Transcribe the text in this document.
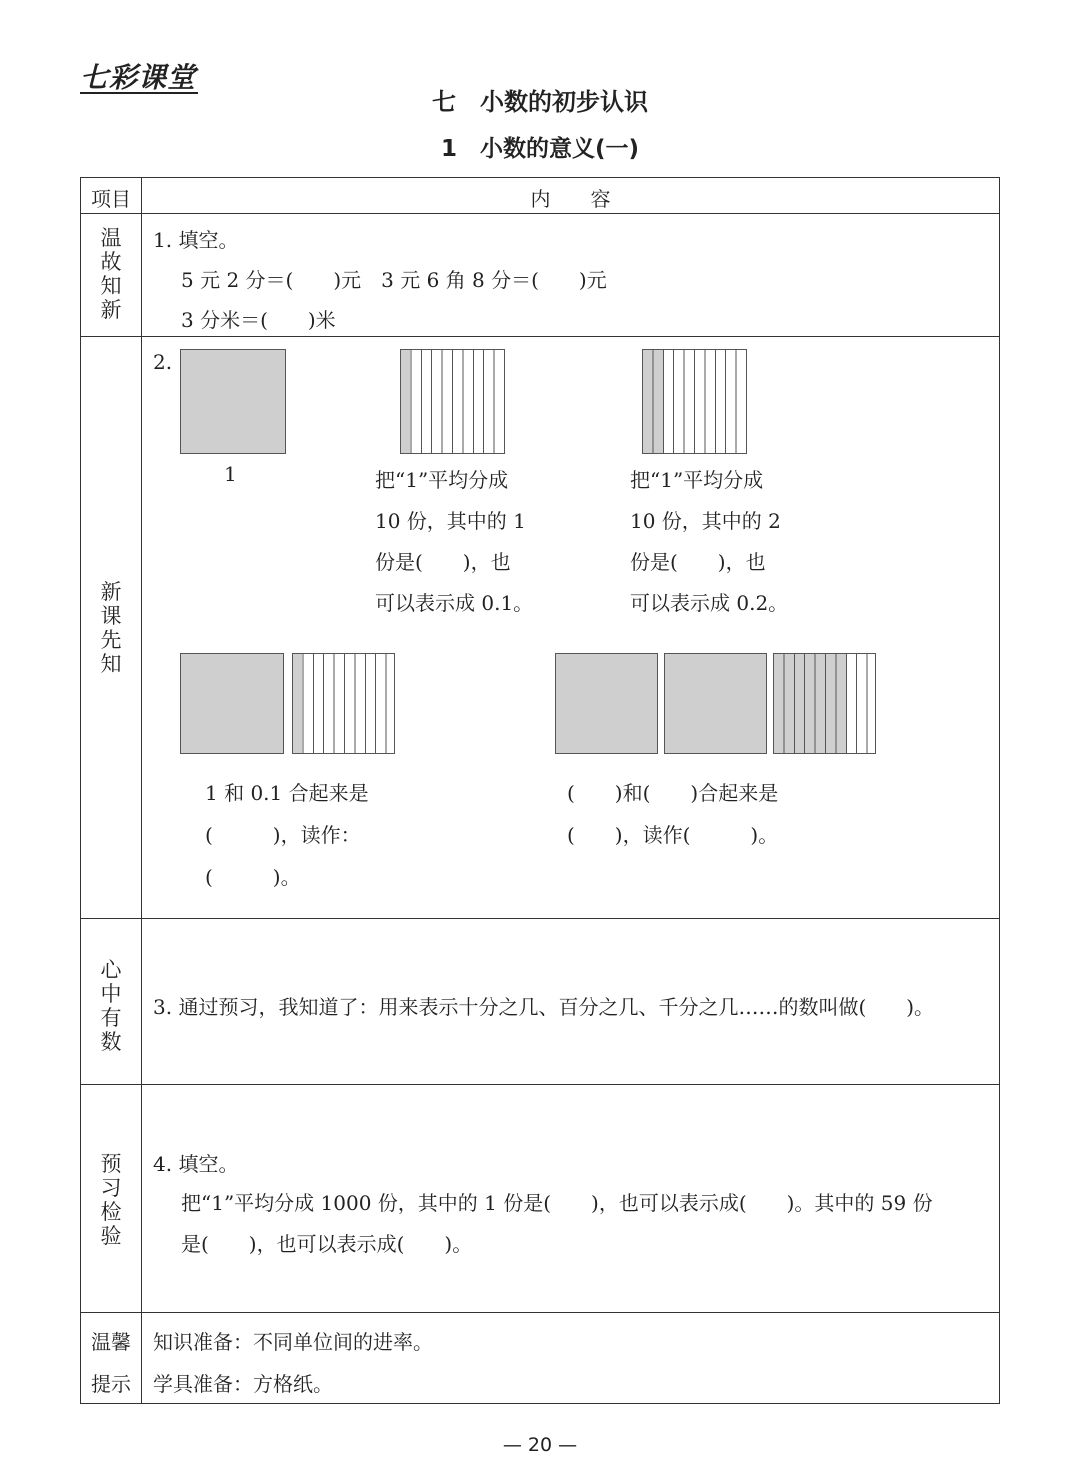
七彩课堂
七　小数的初步认识
1　小数的意义(一)
项目	内　　容
温故知新
1. 填空。
5 元 2 分＝(　　)元　3 元 6 角 8 分＝(　　)元
3 分米＝(　　)米
新课先知
2.
1	把“1”平均分成
10 份，其中的 1
份是(　　)，也
可以表示成 0.1。
把“1”平均分成
10 份，其中的 2
份是(　　)，也
可以表示成 0.2。
1 和 0.1 合起来是
(　　　)，读作：
(　　　)。
(　　)和(　　)合起来是
(　　)，读作(　　　)。
心中有数
3. 通过预习，我知道了：用来表示十分之几、百分之几、千分之几……的数叫做(　　)。
预习检验
4. 填空。
把“1”平均分成 1000 份，其中的 1 份是(　　)，也可以表示成(　　)。其中的 59 份
是(　　)，也可以表示成(　　)。
温馨
提示
知识准备：不同单位间的进率。
学具准备：方格纸。
— 20 —
